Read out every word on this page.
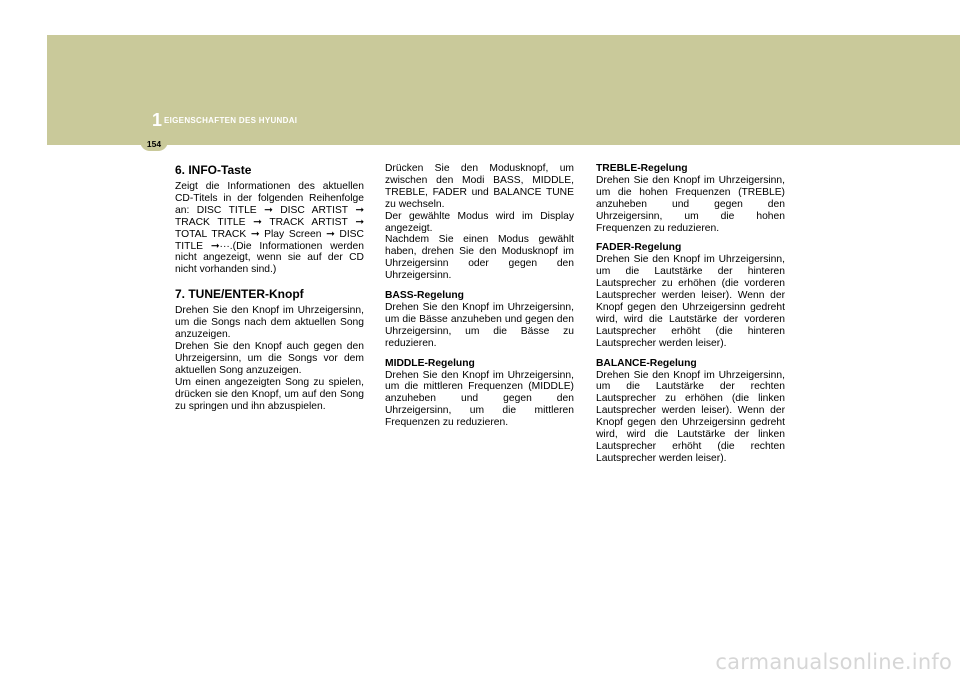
1 EIGENSCHAFTEN DES HYUNDAI
154
6. INFO-Taste

Zeigt die Informationen des aktuellen CD-Titels in der folgenden Reihenfolge an: DISC TITLE ➞ DISC ARTIST ➞ TRACK TITLE ➞ TRACK ARTIST ➞ TOTAL TRACK ➞ Play Screen ➞ DISC TITLE ➞···.(Die Informationen werden nicht angezeigt, wenn sie auf der CD nicht vorhanden sind.)

7. TUNE/ENTER-Knopf

Drehen Sie den Knopf im Uhrzeigersinn, um die Songs nach dem aktuellen Song anzuzeigen.

Drehen Sie den Knopf auch gegen den Uhrzeigersinn, um die Songs vor dem aktuellen Song anzuzeigen.

Um einen angezeigten Song zu spielen, drücken sie den Knopf, um auf den Song zu springen und ihn abzuspielen.

Drücken Sie den Modusknopf, um zwischen den Modi BASS, MIDDLE, TREBLE, FADER und BALANCE TUNE zu wechseln.

Der gewählte Modus wird im Display angezeigt.

Nachdem Sie einen Modus gewählt haben, drehen Sie den Modusknopf im Uhrzeigersinn oder gegen den Uhrzeigersinn.

BASS-Regelung

Drehen Sie den Knopf im Uhrzeigersinn, um die Bässe anzuheben und gegen den Uhrzeigersinn, um die Bässe zu reduzieren.

MIDDLE-Regelung

Drehen Sie den Knopf im Uhrzeigersinn, um die mittleren Frequenzen (MIDDLE) anzuheben und gegen den Uhrzeigersinn, um die mittleren Frequenzen zu reduzieren.

TREBLE-Regelung

Drehen Sie den Knopf im Uhrzeigersinn, um die hohen Frequenzen (TREBLE) anzuheben und gegen den Uhrzeigersinn, um die hohen Frequenzen zu reduzieren.

FADER-Regelung

Drehen Sie den Knopf im Uhrzeigersinn, um die Lautstärke der hinteren Lautsprecher zu erhöhen (die vorderen Lautsprecher werden leiser). Wenn der Knopf gegen den Uhrzeigersinn gedreht wird, wird die Lautstärke der vorderen Lautsprecher erhöht (die hinteren Lautsprecher werden leiser).

BALANCE-Regelung

Drehen Sie den Knopf im Uhrzeigersinn, um die Lautstärke der rechten Lautsprecher zu erhöhen (die linken Lautsprecher werden leiser). Wenn der Knopf gegen den Uhrzeigersinn gedreht wird, wird die Lautstärke der linken Lautsprecher erhöht (die rechten Lautsprecher werden leiser).

carmanualsonline.info
